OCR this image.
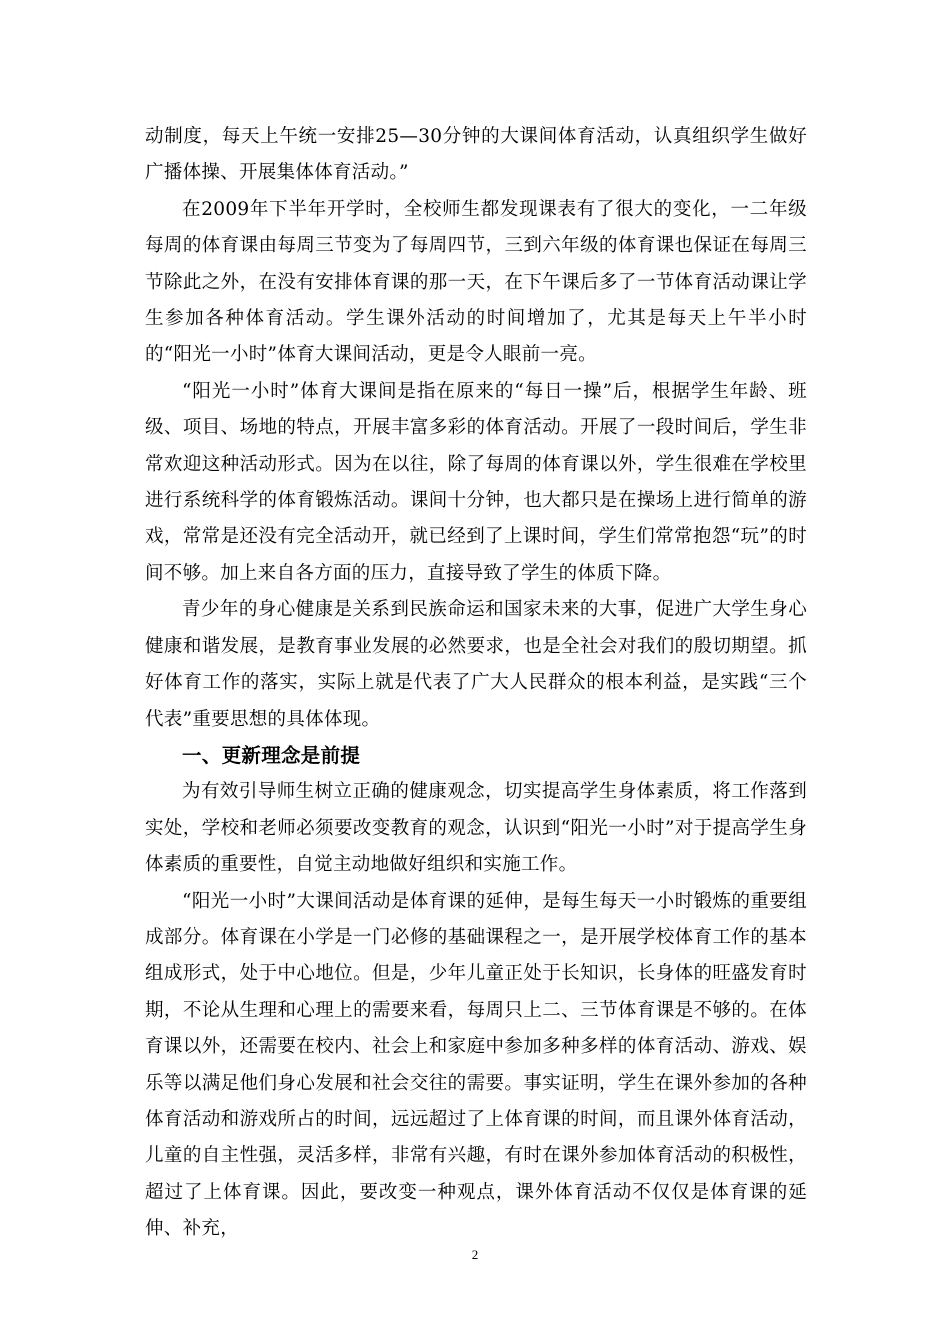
动制度，每天上午统一安排25—30分钟的大课间体育活动，认真组织学生做好广播体操、开展集体体育活动。”

在2009年下半年开学时，全校师生都发现课表有了很大的变化，一二年级每周的体育课由每周三节变为了每周四节，三到六年级的体育课也保证在每周三节除此之外，在没有安排体育课的那一天，在下午课后多了一节体育活动课让学生参加各种体育活动。学生课外活动的时间增加了，尤其是每天上午半小时的“阳光一小时”体育大课间活动，更是令人眼前一亮。

“阳光一小时”体育大课间是指在原来的“每日一操”后，根据学生年龄、班级、项目、场地的特点，开展丰富多彩的体育活动。开展了一段时间后，学生非常欢迎这种活动形式。因为在以往，除了每周的体育课以外，学生很难在学校里进行系统科学的体育锻炼活动。课间十分钟，也大都只是在操场上进行简单的游戏，常常是还没有完全活动开，就已经到了上课时间，学生们常常抱怨“玩”的时间不够。加上来自各方面的压力，直接导致了学生的体质下降。

青少年的身心健康是关系到民族命运和国家未来的大事，促进广大学生身心健康和谐发展，是教育事业发展的必然要求，也是全社会对我们的殷切期望。抓好体育工作的落实，实际上就是代表了广大人民群众的根本利益，是实践“三个代表”重要思想的具体体现。

一、更新理念是前提

为有效引导师生树立正确的健康观念，切实提高学生身体素质，将工作落到实处，学校和老师必须要改变教育的观念，认识到“阳光一小时”对于提高学生身体素质的重要性，自觉主动地做好组织和实施工作。

“阳光一小时”大课间活动是体育课的延伸，是每生每天一小时锻炼的重要组成部分。体育课在小学是一门必修的基础课程之一，是开展学校体育工作的基本组成形式，处于中心地位。但是，少年儿童正处于长知识，长身体的旺盛发育时期，不论从生理和心理上的需要来看，每周只上二、三节体育课是不够的。在体育课以外，还需要在校内、社会上和家庭中参加多种多样的体育活动、游戏、娱乐等以满足他们身心发展和社会交往的需要。事实证明，学生在课外参加的各种体育活动和游戏所占的时间，远远超过了上体育课的时间，而且课外体育活动，儿童的自主性强，灵活多样，非常有兴趣，有时在课外参加体育活动的积极性，超过了上体育课。因此，要改变一种观点，课外体育活动不仅仅是体育课的延伸、补充，

2
